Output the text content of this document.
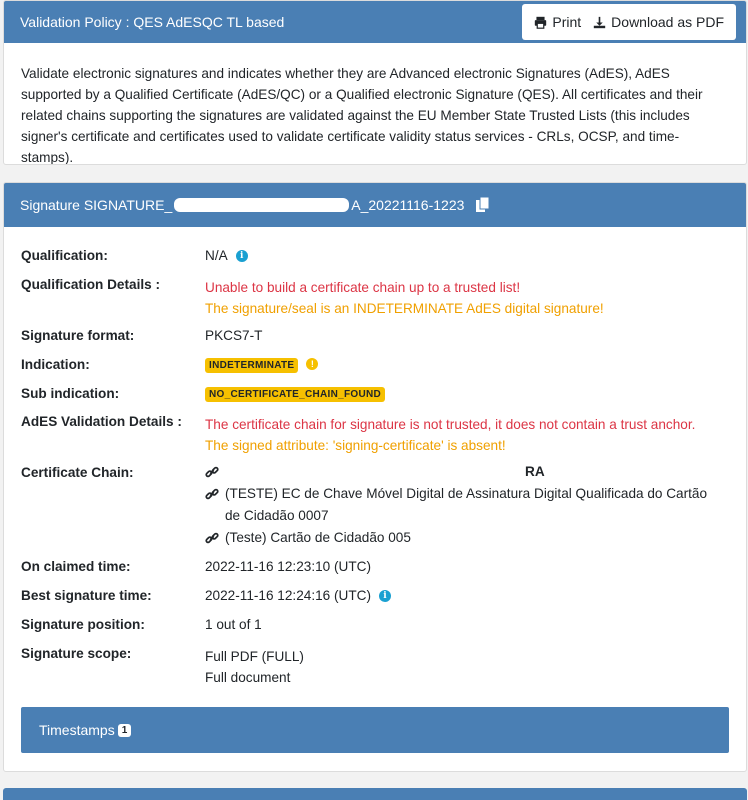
Validation Policy : QES AdESQC TL based	Print Download as PDF
Validate electronic signatures and indicates whether they are Advanced electronic Signatures (AdES), AdES supported by a Qualified Certificate (AdES/QC) or a Qualified electronic Signature (QES). All certificates and their related chains supporting the signatures are validated against the EU Member State Trusted Lists (this includes signer's certificate and certificates used to validate certificate validity status services - CRLs, OCSP, and time-stamps).
Signature SIGNATURE_	A_20221116-1223
Qualification:	N/A i
Qualification Details :	Unable to build a certificate chain up to a trusted list!
The signature/seal is an INDETERMINATE AdES digital signature!
Signature format:	PKCS7-T
Indication:	INDETERMINATE !
Sub indication:	NO_CERTIFICATE_CHAIN_FOUND
AdES Validation Details : The certificate chain for signature is not trusted, it does not contain a trust anchor.
The signed attribute: 'signing-certificate' is absent!
Certificate Chain:	RA
(TESTE) EC de Chave Móvel Digital de Assinatura Digital Qualificada do Cartão de Cidadão 0007
(Teste) Cartão de Cidadão 005
On claimed time:	2022-11-16 12:23:10 (UTC)
Best signature time:	2022-11-16 12:24:16 (UTC) i
Signature position:	1 out of 1
Signature scope:	Full PDF (FULL)
Full document
Timestamps 1
